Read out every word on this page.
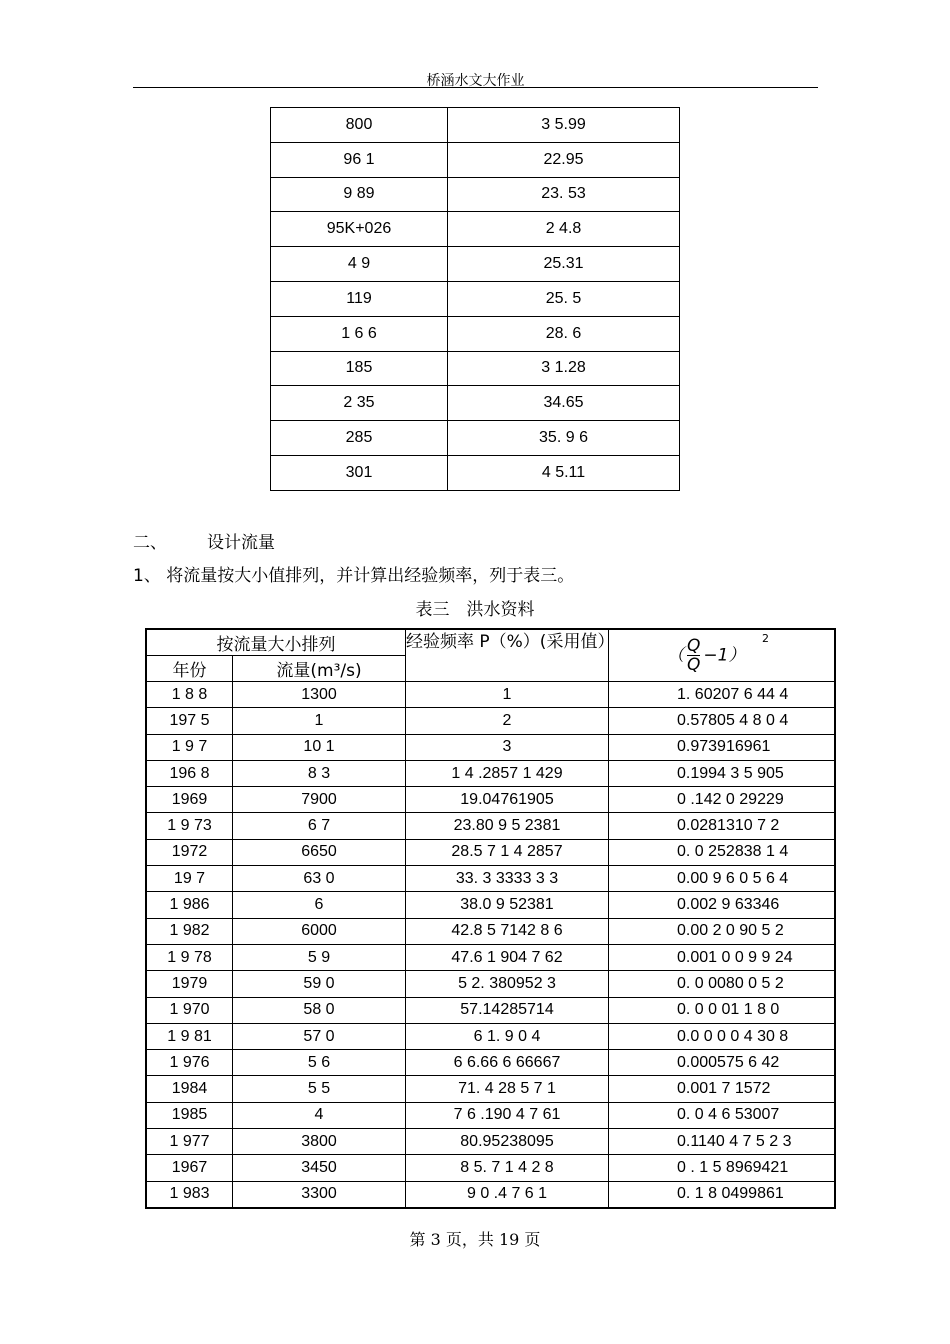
桥涵水文大作业
800	3 5.99
96 1	22.95
9 89	23. 53
95K+026	2 4.8
4 9	25.31
119	25. 5
1 6 6	28. 6
185	3 1.28
2 35	34.65
285	35. 9 6
301	4 5.11
二、 设计流量
1、 将流量按大小值排列，并计算出经验频率，列于表三。
表三　洪水资料
按流量大小排列		经验频率 P（%）(采用值）	（ $\frac{Q}{Q} -1$）
2

年份	流量(m³/s)		
1 8 8	1300	1	1. 60207 6 44 4
197 5	1	2	0.57805 4 8 0 4
1 9 7	10 1	3	0.973916961
196 8	8 3	1 4 .2857 1 429	0.1994 3 5 905
1969	7900	19.04761905	0 .142 0 29229
1 9 73	6 7	23.80 9 5 2381	0.0281310 7 2
1972	6650	28.5 7 1 4 2857	0. 0 252838 1 4
19 7	63 0	33. 3 3333 3 3	0.00 9 6 0 5 6 4
1 986	6	38.0 9 52381	0.002 9 63346
1 982	6000	42.8 5 7142 8 6	0.00 2 0 90 5 2
1 9 78	5 9	47.6 1 904 7 62	0.001 0 0 9 9 24
1979	59 0	5 2. 380952 3	0. 0 0080 0 5 2
1 970	58 0	57.14285714	0. 0 0 01 1 8 0
1 9 81	57 0	6 1. 9 0 4	0.0 0 0 0 4 30 8
1 976	5 6	6 6.66 6 66667	0.000575 6 42
1984	5 5	71. 4 28 5 7 1	0.001 7 1572
1985	4	7 6 .190 4 7 61	0. 0 4 6 53007
1 977	3800	80.95238095	0.1140 4 7 5 2 3
1967	3450	8 5. 7 1 4 2 8	0 . 1 5 8969421
1 983	3300	9 0 .4 7 6 1	0. 1 8 0499861
第 3 页，共 19 页
